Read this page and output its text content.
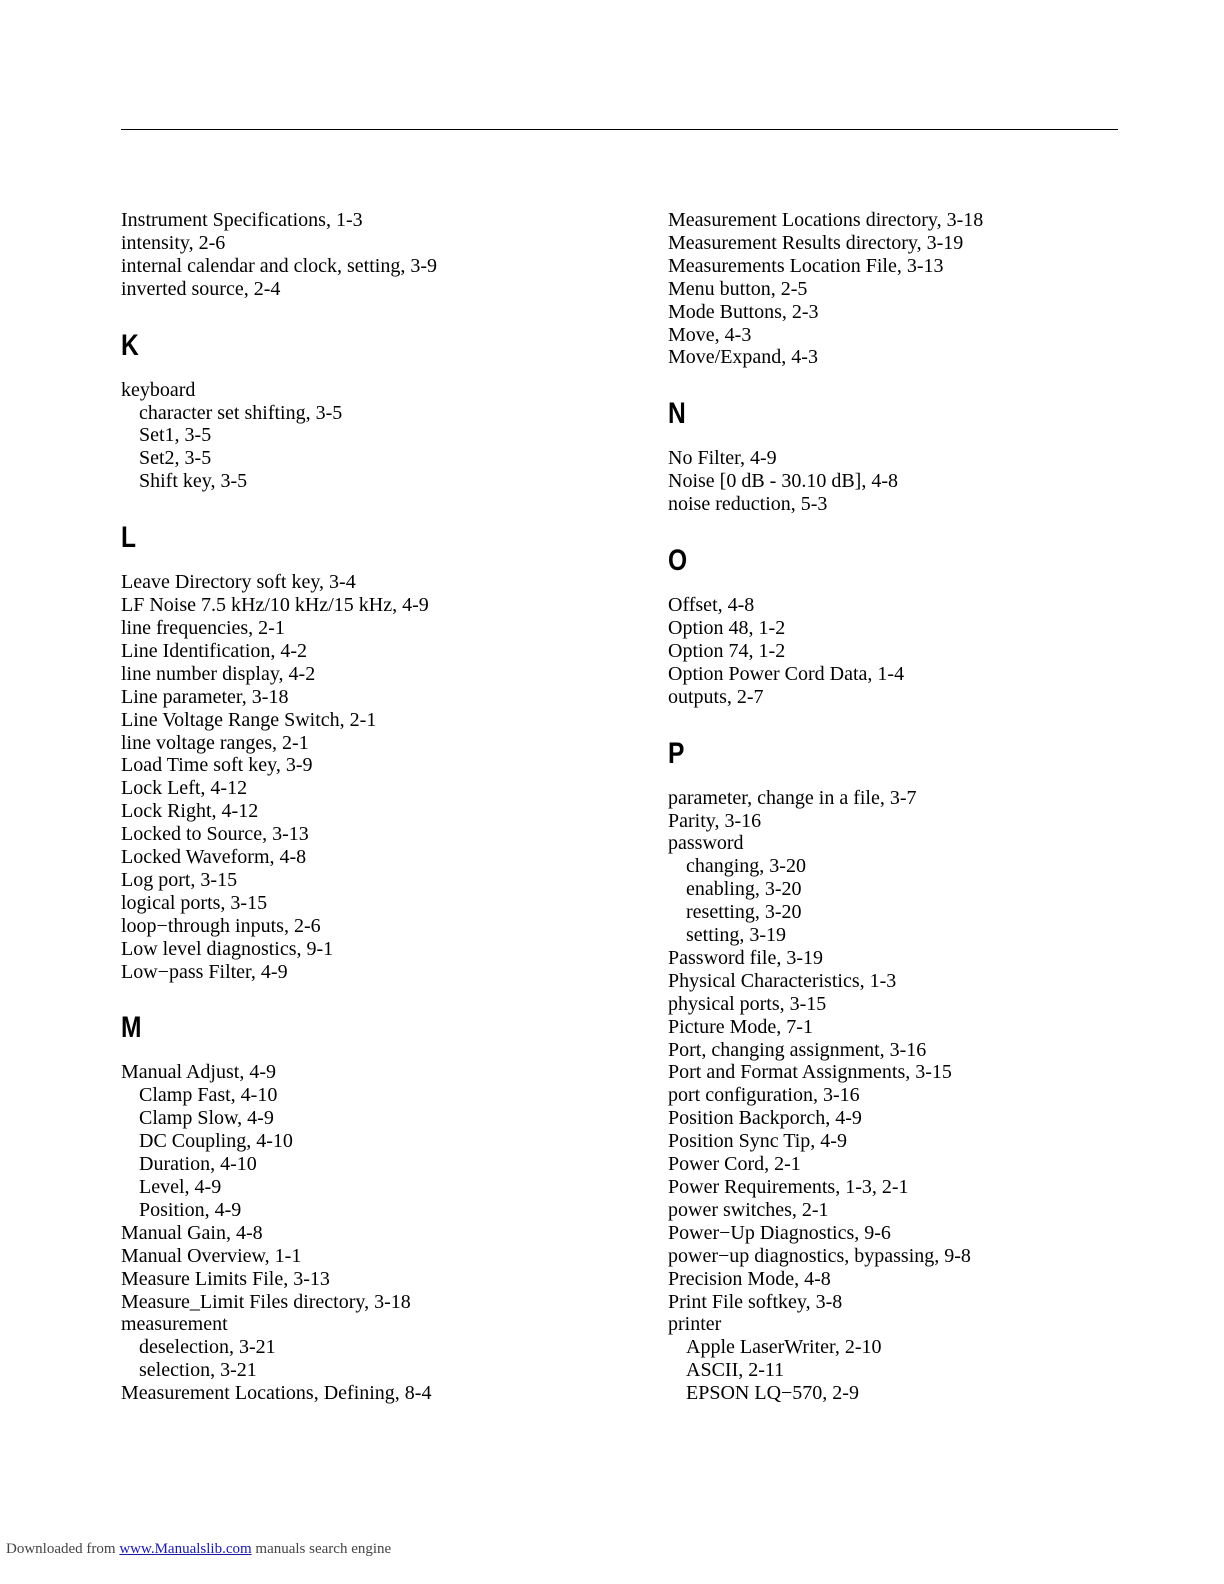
Instrument Specifications, 1-3
intensity, 2-6
internal calendar and clock, setting, 3-9
inverted source, 2-4
K
keyboard
character set shifting, 3-5
Set1, 3-5
Set2, 3-5
Shift key, 3-5
L
Leave Directory soft key, 3-4
LF Noise 7.5 kHz/10 kHz/15 kHz, 4-9
line frequencies, 2-1
Line Identification, 4-2
line number display, 4-2
Line parameter, 3-18
Line Voltage Range Switch, 2-1
line voltage ranges, 2-1
Load Time soft key, 3-9
Lock Left, 4-12
Lock Right, 4-12
Locked to Source, 3-13
Locked Waveform, 4-8
Log port, 3-15
logical ports, 3-15
loop−through inputs, 2-6
Low level diagnostics, 9-1
Low−pass Filter, 4-9
M
Manual Adjust, 4-9
Clamp Fast, 4-10
Clamp Slow, 4-9
DC Coupling, 4-10
Duration, 4-10
Level, 4-9
Position, 4-9
Manual Gain, 4-8
Manual Overview, 1-1
Measure Limits File, 3-13
Measure_Limit Files directory, 3-18
measurement
deselection, 3-21
selection, 3-21
Measurement Locations, Defining, 8-4
Measurement Locations directory, 3-18
Measurement Results directory, 3-19
Measurements Location File, 3-13
Menu button, 2-5
Mode Buttons, 2-3
Move, 4-3
Move/Expand, 4-3
N
No Filter, 4-9
Noise [0 dB - 30.10 dB], 4-8
noise reduction, 5-3
O
Offset, 4-8
Option 48, 1-2
Option 74, 1-2
Option Power Cord Data, 1-4
outputs, 2-7
P
parameter, change in a file, 3-7
Parity, 3-16
password
changing, 3-20
enabling, 3-20
resetting, 3-20
setting, 3-19
Password file, 3-19
Physical Characteristics, 1-3
physical ports, 3-15
Picture Mode, 7-1
Port, changing assignment, 3-16
Port and Format Assignments, 3-15
port configuration, 3-16
Position Backporch, 4-9
Position Sync Tip, 4-9
Power Cord, 2-1
Power Requirements, 1-3, 2-1
power switches, 2-1
Power−Up Diagnostics, 9-6
power−up diagnostics, bypassing, 9-8
Precision Mode, 4-8
Print File softkey, 3-8
printer
Apple LaserWriter, 2-10
ASCII, 2-11
EPSON LQ−570, 2-9
Downloaded from www.Manualslib.com manuals search engine
